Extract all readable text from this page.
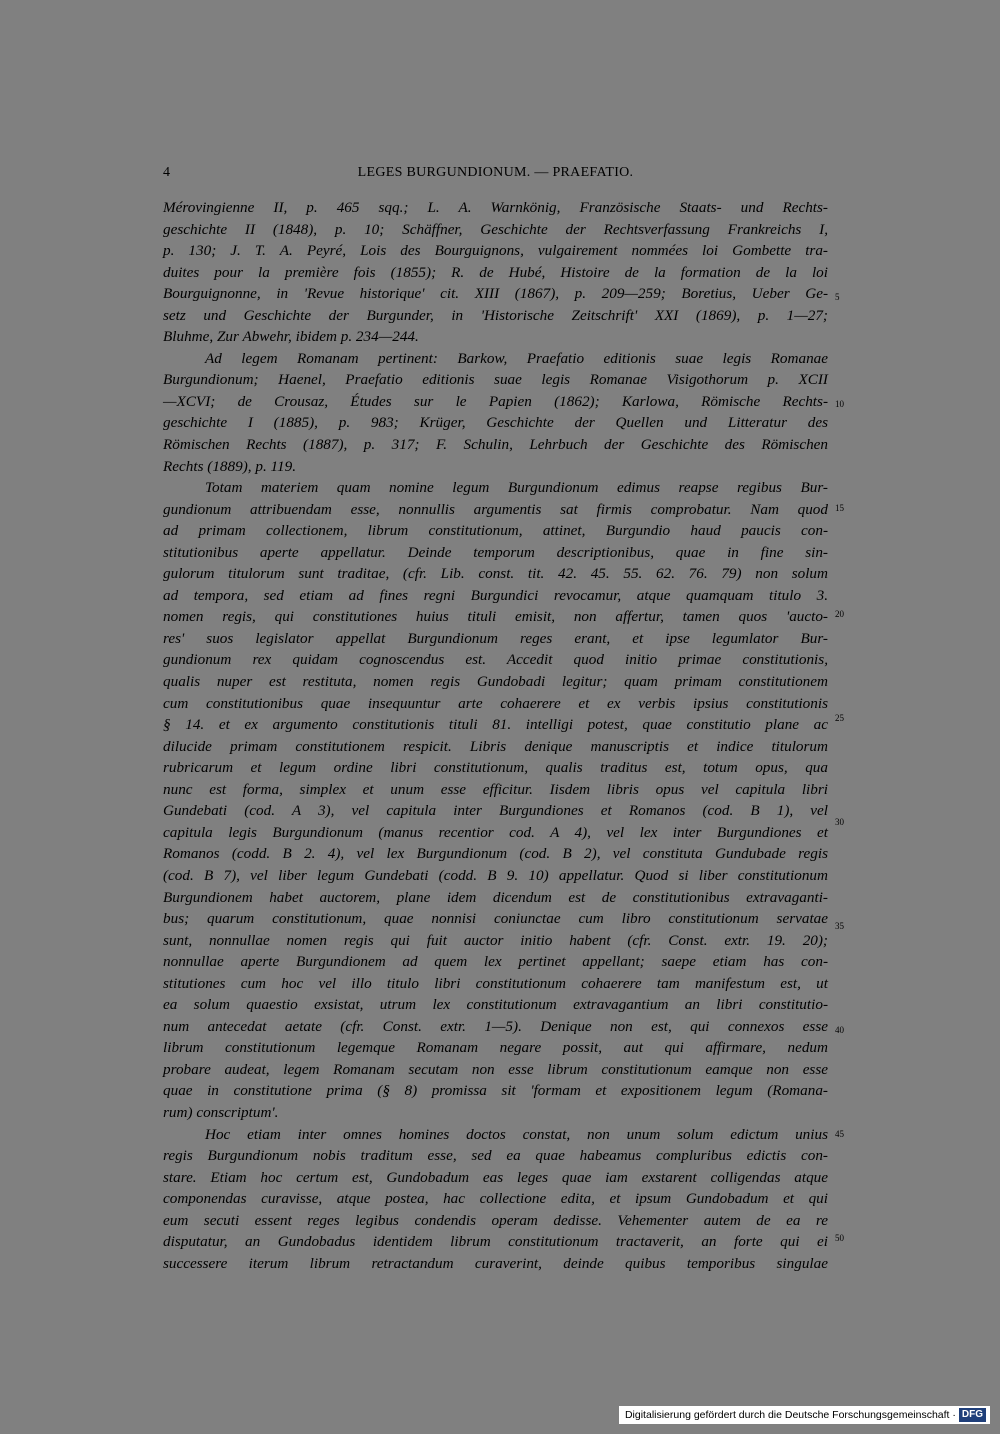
4	LEGES BURGUNDIONUM. — PRAEFATIO.
Mérovingienne II, p. 465 sqq.; L. A. Warnkönig, Französische Staats- und Rechts-
geschichte II (1848), p. 10; Schäffner, Geschichte der Rechtsverfassung Frankreichs I,
p. 130; J. T. A. Peyré, Lois des Bourguignons, vulgairement nommées loi Gombette tra-
duites pour la première fois (1855); R. de Hubé, Histoire de la formation de la loi
Bourguignonne, in 'Revue historique' cit. XIII (1867), p. 209—259; Boretius, Ueber Ge-
setz und Geschichte der Burgunder, in 'Historische Zeitschrift' XXI (1869), p. 1—27;
Bluhme, Zur Abwehr, ibidem p. 234—244.
Ad legem Romanam pertinent: Barkow, Praefatio editionis suae legis Romanae
Burgundionum; Haenel, Praefatio editionis suae legis Romanae Visigothorum p. XCII
—XCVI; de Crousaz, Études sur le Papien (1862); Karlowa, Römische Rechts-
geschichte I (1885), p. 983; Krüger, Geschichte der Quellen und Litteratur des
Römischen Rechts (1887), p. 317; F. Schulin, Lehrbuch der Geschichte des Römischen
Rechts (1889), p. 119.
Totam materiem quam nomine legum Burgundionum edimus reapse regibus Bur-
gundionum attribuendam esse, nonnullis argumentis sat firmis comprobatur. Nam quod
ad primam collectionem, librum constitutionum, attinet, Burgundio haud paucis con-
stitutionibus aperte appellatur. Deinde temporum descriptionibus, quae in fine sin-
gulorum titulorum sunt traditae, (cfr. Lib. const. tit. 42. 45. 55. 62. 76. 79) non solum
ad tempora, sed etiam ad fines regni Burgundici revocamur, atque quamquam titulo 3.
nomen regis, qui constitutiones huius tituli emisit, non affertur, tamen quos 'aucto-
res' suos legislator appellat Burgundionum reges erant, et ipse legumlator Bur-
gundionum rex quidam cognoscendus est. Accedit quod initio primae constitutionis,
qualis nuper est restituta, nomen regis Gundobadi legitur; quam primam constitutionem
cum constitutionibus quae insequuntur arte cohaerere et ex verbis ipsius constitutionis
§ 14. et ex argumento constitutionis tituli 81. intelligi potest, quae constitutio plane ac
dilucide primam constitutionem respicit. Libris denique manuscriptis et indice titulorum
rubricarum et legum ordine libri constitutionum, qualis traditus est, totum opus, qua
nunc est forma, simplex et unum esse efficitur. Iisdem libris opus vel capitula libri
Gundebati (cod. A 3), vel capitula inter Burgundiones et Romanos (cod. B 1), vel
capitula legis Burgundionum (manus recentior cod. A 4), vel lex inter Burgundiones et
Romanos (codd. B 2. 4), vel lex Burgundionum (cod. B 2), vel constituta Gundubade regis
(cod. B 7), vel liber legum Gundebati (codd. B 9. 10) appellatur. Quod si liber constitutionum
Burgundionem habet auctorem, plane idem dicendum est de constitutionibus extravaganti-
bus; quarum constitutionum, quae nonnisi coniunctae cum libro constitutionum servatae
sunt, nonnullae nomen regis qui fuit auctor initio habent (cfr. Const. extr. 19. 20);
nonnullae aperte Burgundionem ad quem lex pertinet appellant; saepe etiam has con-
stitutiones cum hoc vel illo titulo libri constitutionum cohaerere tam manifestum est, ut
ea solum quaestio exsistat, utrum lex constitutionum extravagantium an libri constitutio-
num antecedat aetate (cfr. Const. extr. 1—5). Denique non est, qui connexos esse
librum constitutionum legemque Romanam negare possit, aut qui affirmare, nedum
probare audeat, legem Romanam secutam non esse librum constitutionum eamque non esse
quae in constitutione prima (§ 8) promissa sit 'formam et expositionem legum (Romana-
rum) conscriptum'.
Hoc etiam inter omnes homines doctos constat, non unum solum edictum unius
regis Burgundionum nobis traditum esse, sed ea quae habeamus compluribus edictis con-
stare. Etiam hoc certum est, Gundobadum eas leges quae iam exstarent colligendas atque
componendas curavisse, atque postea, hac collectione edita, et ipsum Gundobadum et qui
eum secuti essent reges legibus condendis operam dedisse. Vehementer autem de ea re
disputatur, an Gundobadus identidem librum constitutionum tractaverit, an forte qui ei
successere iterum librum retractandum curaverint, deinde quibus temporibus singulae
5
10
15
20
25
30
35
40
45
50
Digitalisierung gefördert durch die Deutsche Forschungsgemeinschaft · DFG
